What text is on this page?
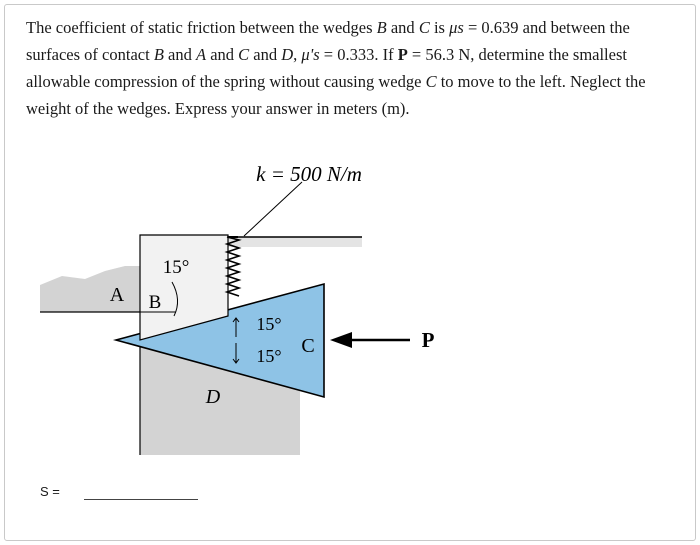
The coefficient of static friction between the wedges B and C is μs = 0.639 and between the surfaces of contact B and A and C and D, μ's = 0.333. If P = 56.3 N, determine the smallest allowable compression of the spring without causing wedge C to move to the left. Neglect the weight of the wedges. Express your answer in meters (m).
k = 500 N/m
A B
15°
15°
15° C
D
P
S =
